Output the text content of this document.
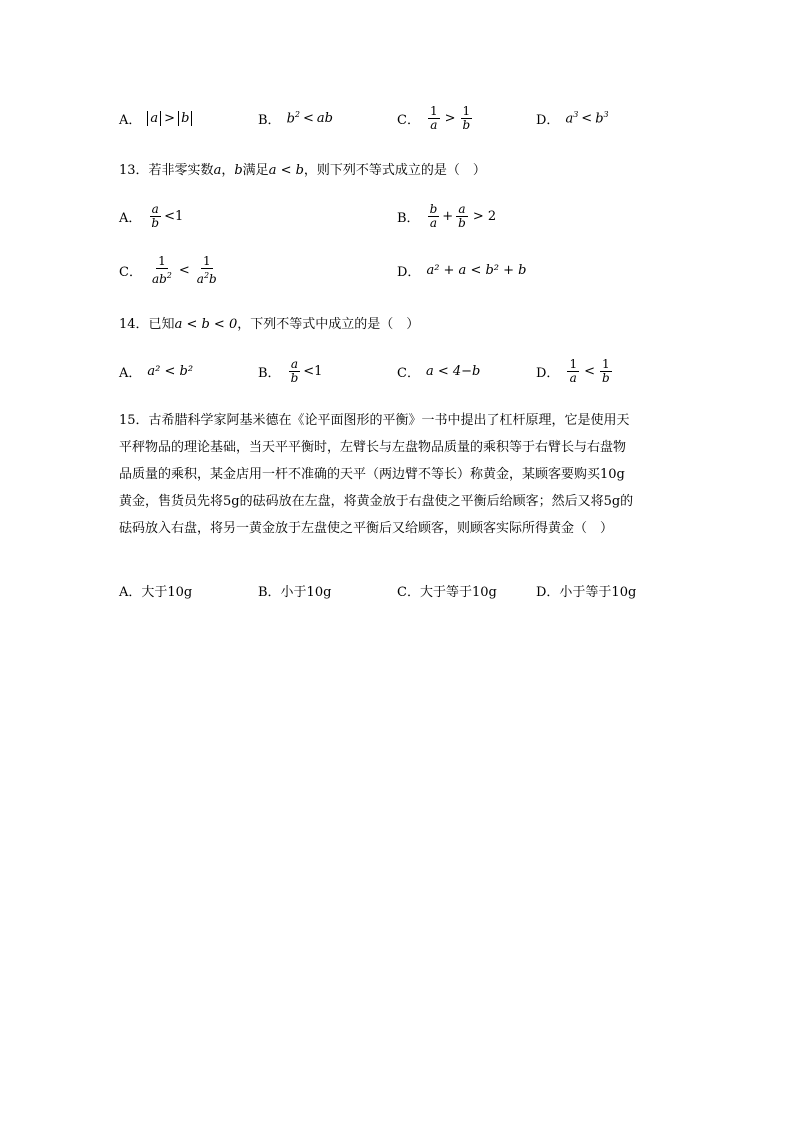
A． a > b	B． $b^2$ < ab	C． $\frac{1}{a} > \frac{1}{b}$	D． $a^3 < b^3$
13．若非零实数a，b满足a < b，则下列不等式成立的是（　）
A． $\frac{a}{b} <1$	B． $\frac{b}{a} + \frac{a}{b} > 2$
C． $\frac{1}{ab^2} < \frac{1}{a^2b}$	D． a² + a < b² + b
14．已知a < b < 0，下列不等式中成立的是（　）
A． a² < b²	B． $\frac{a}{b} <1$	C． a < 4−b	D． $\frac{1}{a} < \frac{1}{b}$
15．古希腊科学家阿基米德在《论平面图形的平衡》一书中提出了杠杆原理，它是使用天
平秤物品的理论基础，当天平平衡时，左臂长与左盘物品质量的乘积等于右臂长与右盘物
品质量的乘积，某金店用一杆不准确的天平（两边臂不等长）称黄金，某顾客要购买10g
黄金，售货员先将5g的砝码放在左盘，将黄金放于右盘使之平衡后给顾客；然后又将5g的
砝码放入右盘，将另一黄金放于左盘使之平衡后又给顾客，则顾客实际所得黄金（　）
A．大于10g	B．小于10g	C．大于等于10g	D．小于等于10g
